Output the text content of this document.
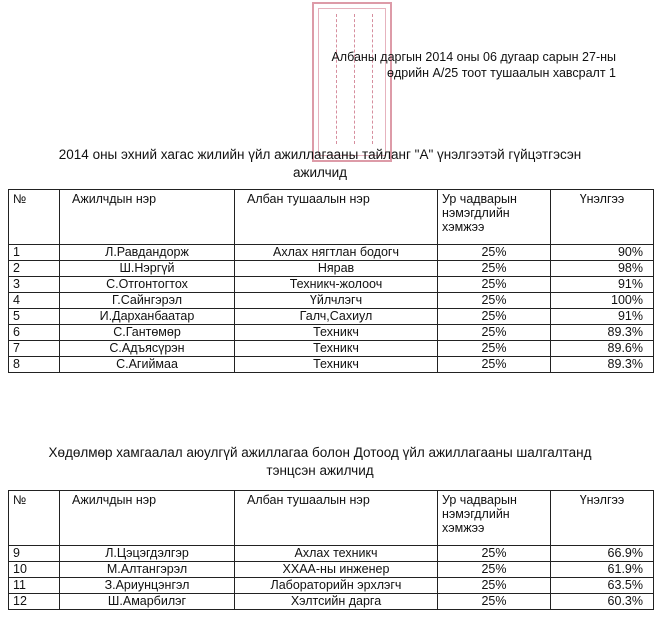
Албаны даргын 2014 оны 06 дугаар сарын 27-ны
өдрийн А/25 тоот тушаалын хавсралт 1
2014 оны эхний хагас жилийн үйл ажиллагааны тайланг "А" үнэлгээтэй гүйцэтгэсэн
ажилчид
№	Ажилчдын нэр	Албан тушаалын нэр	Ур чадварын нэмэгдлийн хэмжээ	Үнэлгээ
1	Л.Равдандорж	Ахлах нягтлан бодогч	25%	90%
2	Ш.Нэргүй	Нярав	25%	98%
3	С.Отгонтогтох	Техникч-жолооч	25%	91%
4	Г.Сайнгэрэл	Үйлчлэгч	25%	100%
5	И.Дарханбаатар	Галч,Сахиул	25%	91%
6	С.Гантөмөр	Техникч	25%	89.3%
7	С.Адъясүрэн	Техникч	25%	89.6%
8	С.Агиймаа	Техникч	25%	89.3%
Хөдөлмөр хамгаалал аюулгүй ажиллагаа болон Дотоод үйл ажиллагааны шалгалтанд
тэнцсэн ажилчид
№	Ажилчдын нэр	Албан тушаалын нэр	Ур чадварын нэмэгдлийн хэмжээ	Үнэлгээ
9	Л.Цэцэгдэлгэр	Ахлах техникч	25%	66.9%
10	М.Алтангэрэл	ХХАА-ны инженер	25%	61.9%
11	З.Ариунцэнгэл	Лабораторийн эрхлэгч	25%	63.5%
12	Ш.Амарбилэг	Хэлтсийн дарга	25%	60.3%
